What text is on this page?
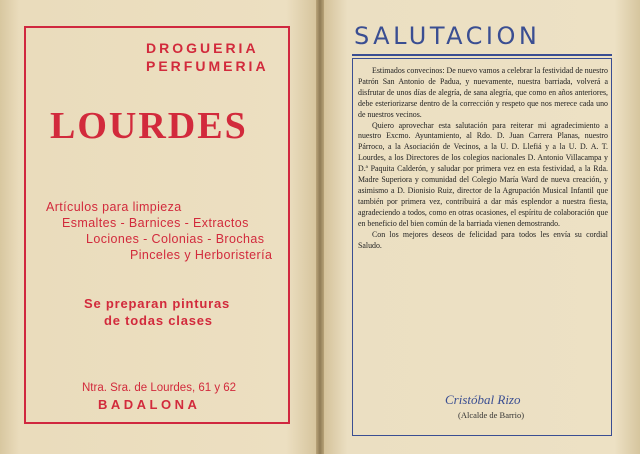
DROGUERIA
PERFUMERIA
LOURDES
Artículos para limpieza
Esmaltes - Barnices - Extractos
Lociones - Colonias - Brochas
Pinceles y Herboristería
Se preparan pinturas
de todas clases
Ntra. Sra. de Lourdes, 61 y 62
BADALONA
SALUTACION

Estimados convecinos: De nuevo vamos a celebrar la festividad de nuestro Patrón San Antonio de Padua, y nuevamente, nuestra barriada, volverá a disfrutar de unos días de alegría, de sana alegría, que como en años anteriores, debe esteriorizarse dentro de la corrección y respeto que nos merece cada uno de nuestros vecinos.

Quiero aprovechar esta salutación para reiterar mi agradecimiento a nuestro Excmo. Ayuntamiento, al Rdo. D. Juan Carrera Planas, nuestro Párroco, a la Asociación de Vecinos, a la U. D. Llefiá y a la U. D. A. T. Lourdes, a los Directores de los colegios nacionales D. Antonio Villacampa y D.ª Paquita Calderón, y saludar por primera vez en esta festividad, a la Rda. Madre Superiora y comunidad del Colegio María Ward de nueva creación, y asimismo a D. Dionisio Ruiz, director de la Agrupación Musical Infantil que también por primera vez, contribuirá a dar más esplendor a nuestra fiesta, agradeciendo a todos, como en otras ocasiones, el espíritu de colaboración que en beneficio del bien común de la barriada vienen demostrando.

Con los mejores deseos de felicidad para todos les envía su cordial Saludo.

Cristóbal Rizo
(Alcalde de Barrio)
